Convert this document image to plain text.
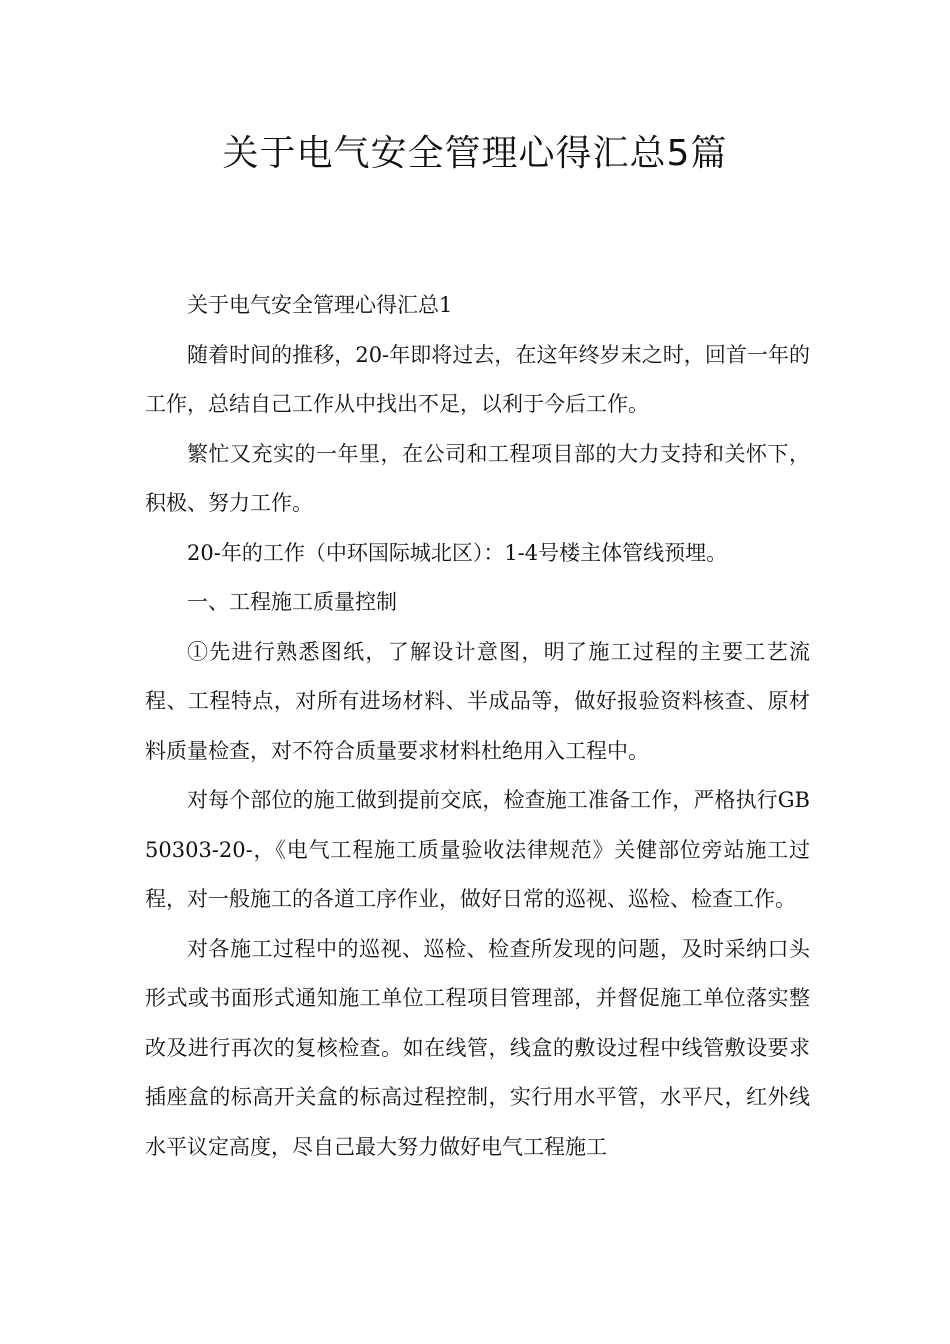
关于电气安全管理心得汇总5篇

关于电气安全管理心得汇总1

随着时间的推移，20-年即将过去，在这年终岁末之时，回首一年的工作，总结自己工作从中找出不足，以利于今后工作。

繁忙又充实的一年里，在公司和工程项目部的大力支持和关怀下，积极、努力工作。

20-年的工作（中环国际城北区）：1-4号楼主体管线预埋。

一、工程施工质量控制

①先进行熟悉图纸，了解设计意图，明了施工过程的主要工艺流程、工程特点，对所有进场材料、半成品等，做好报验资料核查、原材料质量检查，对不符合质量要求材料杜绝用入工程中。

对每个部位的施工做到提前交底，检查施工准备工作，严格执行GB50303-20-，《电气工程施工质量验收法律规范》关健部位旁站施工过程，对一般施工的各道工序作业，做好日常的巡视、巡检、检查工作。

对各施工过程中的巡视、巡检、检查所发现的问题，及时采纳口头形式或书面形式通知施工单位工程项目管理部，并督促施工单位落实整改及进行再次的复核检查。如在线管，线盒的敷设过程中线管敷设要求插座盒的标高开关盒的标高过程控制，实行用水平管，水平尺，红外线水平议定高度，尽自己最大努力做好电气工程施工
